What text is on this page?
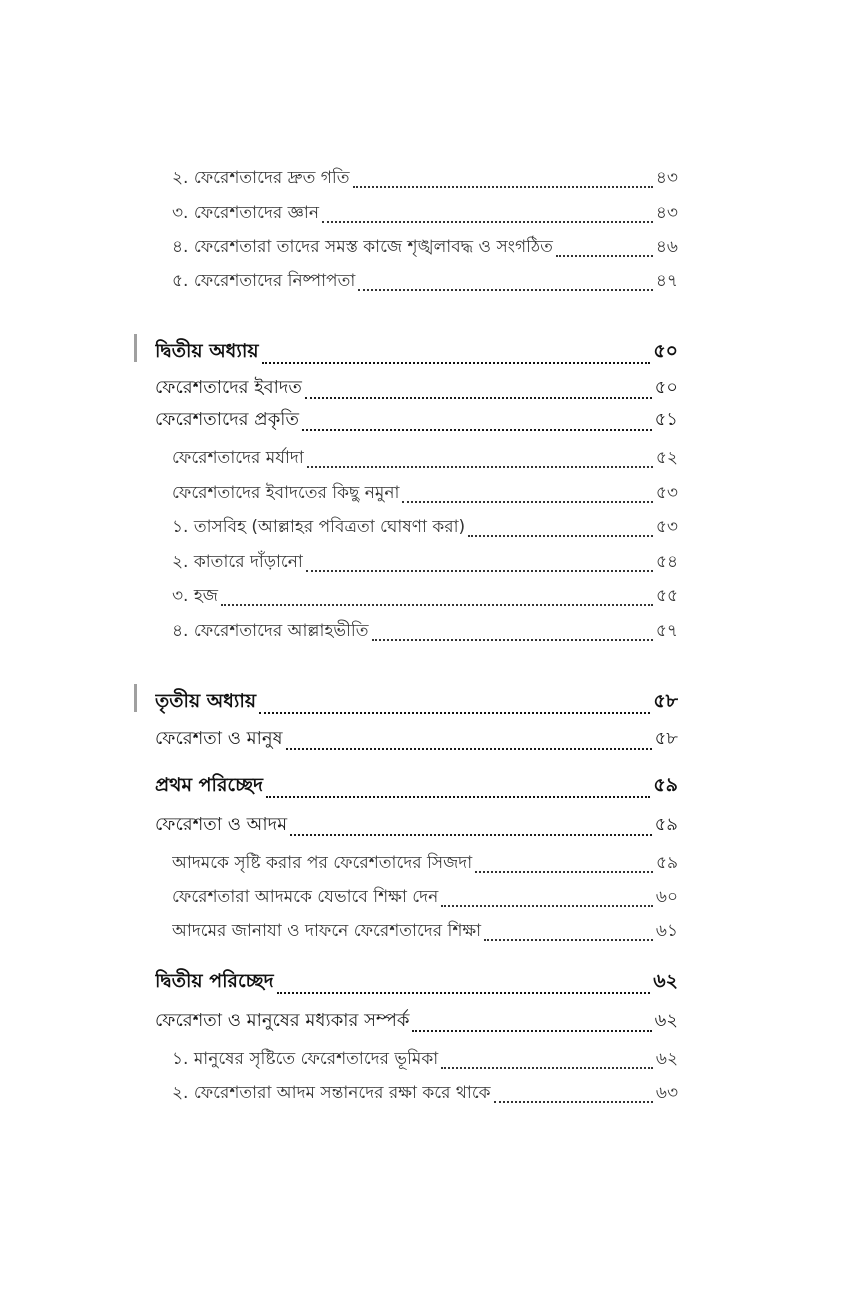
২. ফেরেশতাদের দ্রুত গতি	৪৩
৩. ফেরেশতাদের জ্ঞান	৪৩
৪. ফেরেশতারা তাদের সমস্ত কাজে শৃঙ্খলাবদ্ধ ও সংগঠিত	৪৬
৫. ফেরেশতাদের নিষ্পাপতা	৪৭
দ্বিতীয় অধ্যায়	৫০
ফেরেশতাদের ইবাদত	৫০
ফেরেশতাদের প্রকৃতি	৫১
ফেরেশতাদের মর্যাদা	৫২
ফেরেশতাদের ইবাদতের কিছু নমুনা	৫৩
১. তাসবিহ (আল্লাহর পবিত্রতা ঘোষণা করা)	৫৩
২. কাতারে দাঁড়ানো	৫৪
৩. হজ	৫৫
৪. ফেরেশতাদের আল্লাহভীতি	৫৭
তৃতীয় অধ্যায়	৫৮
ফেরেশতা ও মানুষ	৫৮
প্রথম পরিচ্ছেদ	৫৯
ফেরেশতা ও আদম	৫৯
আদমকে সৃষ্টি করার পর ফেরেশতাদের সিজদা	৫৯
ফেরেশতারা আদমকে যেভাবে শিক্ষা দেন	৬০
আদমের জানাযা ও দাফনে ফেরেশতাদের শিক্ষা	৬১
দ্বিতীয় পরিচ্ছেদ	৬২
ফেরেশতা ও মানুষের মধ্যকার সম্পর্ক	৬২
১. মানুষের সৃষ্টিতে ফেরেশতাদের ভূমিকা	৬২
২. ফেরেশতারা আদম সন্তানদের রক্ষা করে থাকে	৬৩
